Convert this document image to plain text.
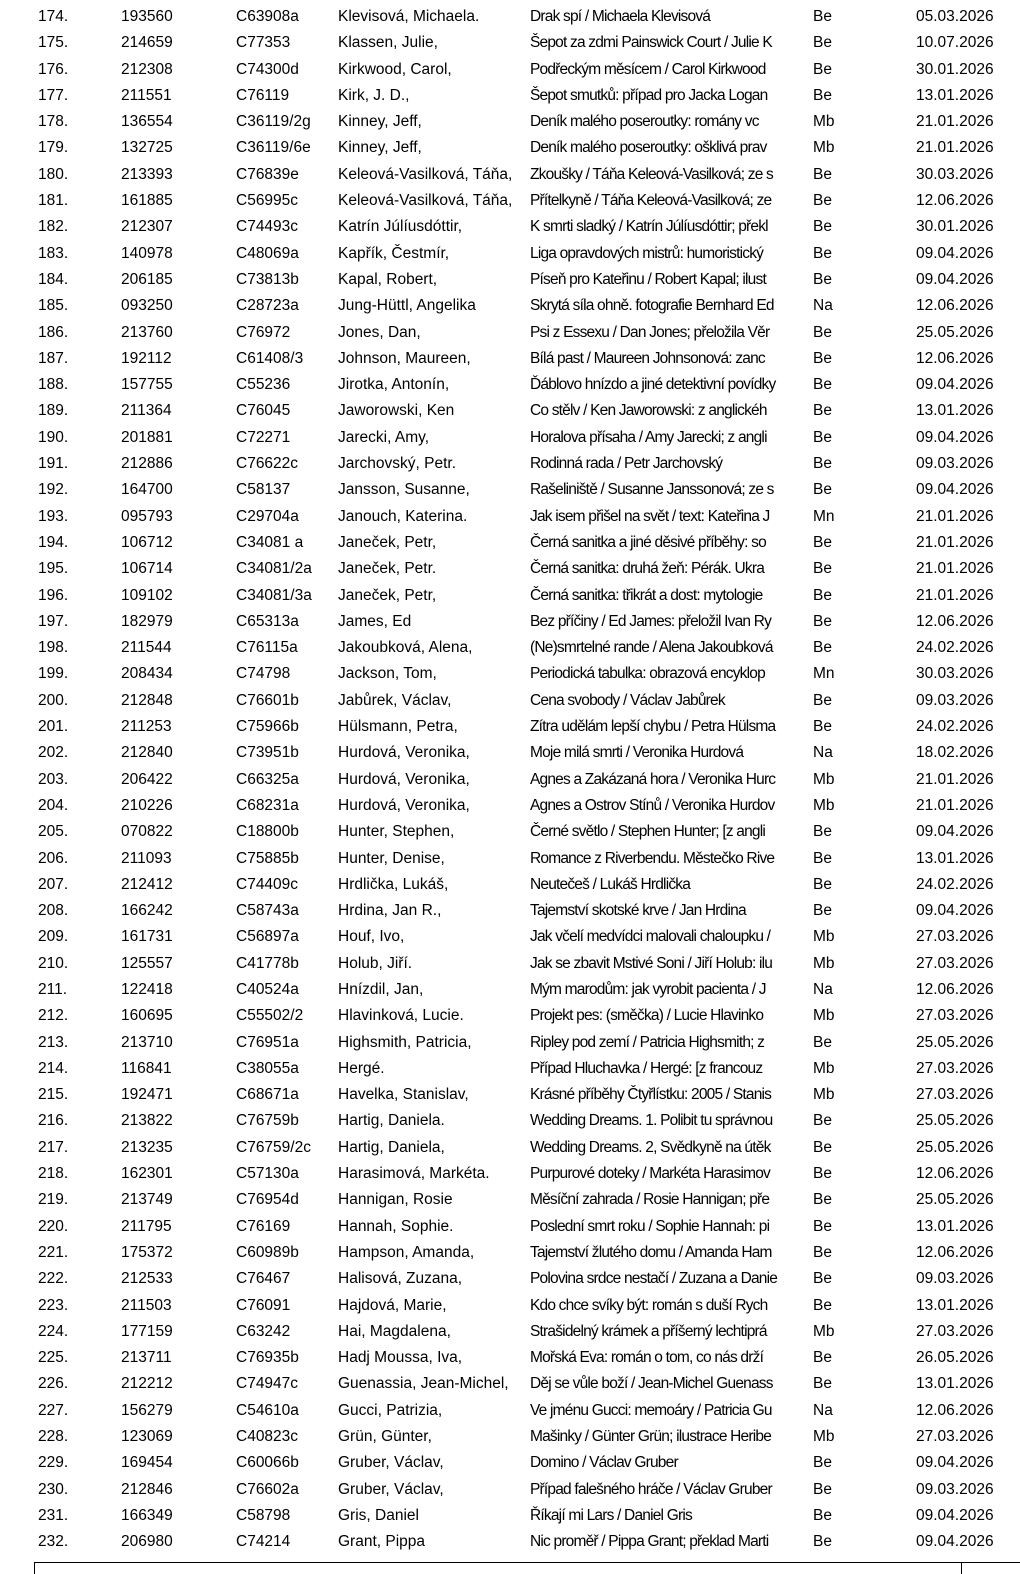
174.	193560	C63908a	Klevisová, Michaela.	Drak spí / Michaela Klevisová	Be	05.03.2026
175.	214659	C77353	Klassen, Julie,	Šepot za zdmi Painswick Court / Julie K	Be	10.07.2026
176.	212308	C74300d	Kirkwood, Carol,	Podřeckým měsícem / Carol Kirkwood	Be	30.01.2026
177.	211551	C76119	Kirk, J. D.,	Šepot smutků: případ pro Jacka Logan	Be	13.01.2026
178.	136554	C36119/2g	Kinney, Jeff,	Deník malého poseroutky: romány vc	Mb	21.01.2026
179.	132725	C36119/6e	Kinney, Jeff,	Deník malého poseroutky: ošklivá prav	Mb	21.01.2026
180.	213393	C76839e	Keleová-Vasilková, Táňa,	Zkoušky / Táňa Keleová-Vasilková; ze s	Be	30.03.2026
181.	161885	C56995c	Keleová-Vasilková, Táňa,	Přítelkyně / Táňa Keleová-Vasilková; ze	Be	12.06.2026
182.	212307	C74493c	Katrín Júlíusdóttir,	K smrti sladký / Katrín Júlíusdóttir; překl	Be	30.01.2026
183.	140978	C48069a	Kapřík, Čestmír,	Liga opravdových mistrů: humoristický	Be	09.04.2026
184.	206185	C73813b	Kapal, Robert,	Píseň pro Kateřinu / Robert Kapal; ilust	Be	09.04.2026
185.	093250	C28723a	Jung-Hüttl, Angelika	Skrytá síla ohně. fotografie Bernhard Ed	Na	12.06.2026
186.	213760	C76972	Jones, Dan,	Psi z Essexu / Dan Jones; přeložila Věr	Be	25.05.2026
187.	192112	C61408/3	Johnson, Maureen,	Bílá past / Maureen Johnsonová: zanc	Be	12.06.2026
188.	157755	C55236	Jirotka, Antonín,	Ďáblovo hnízdo a jiné detektivní povídky	Be	09.04.2026
189.	211364	C76045	Jaworowski, Ken	Co stělv / Ken Jaworowski: z anglickéh	Be	13.01.2026
190.	201881	C72271	Jarecki, Amy,	Horalova přísaha / Amy Jarecki; z angli	Be	09.04.2026
191.	212886	C76622c	Jarchovský, Petr.	Rodinná rada / Petr Jarchovský	Be	09.03.2026
192.	164700	C58137	Jansson, Susanne,	Rašeliniště / Susanne Janssonová; ze s	Be	09.04.2026
193.	095793	C29704a	Janouch, Katerina.	Jak isem přišel na svět / text: Kateřina J	Mn	21.01.2026
194.	106712	C34081 a	Janeček, Petr,	Černá sanitka a jiné děsivé příběhy: so	Be	21.01.2026
195.	106714	C34081/2a	Janeček, Petr.	Černá sanitka: druhá žeň: Pérák. Ukra	Be	21.01.2026
196.	109102	C34081/3a	Janeček, Petr,	Černá sanitka: třikrát a dost: mytologie	Be	21.01.2026
197.	182979	C65313a	James, Ed	Bez příčiny / Ed James: přeložil Ivan Ry	Be	12.06.2026
198.	211544	C76115a	Jakoubková, Alena,	(Ne)smrtelné rande / Alena Jakoubková	Be	24.02.2026
199.	208434	C74798	Jackson, Tom,	Periodická tabulka: obrazová encyklop	Mn	30.03.2026
200.	212848	C76601b	Jabůrek, Václav,	Cena svobody / Václav Jabůrek	Be	09.03.2026
201.	211253	C75966b	Hülsmann, Petra,	Zítra udělám lepší chybu / Petra Hülsma	Be	24.02.2026
202.	212840	C73951b	Hurdová, Veronika,	Moje milá smrti / Veronika Hurdová	Na	18.02.2026
203.	206422	C66325a	Hurdová, Veronika,	Agnes a Zakázaná hora / Veronika Hurc	Mb	21.01.2026
204.	210226	C68231a	Hurdová, Veronika,	Agnes a Ostrov Stínů / Veronika Hurdov	Mb	21.01.2026
205.	070822	C18800b	Hunter, Stephen,	Černé světlo / Stephen Hunter; [z angli	Be	09.04.2026
206.	211093	C75885b	Hunter, Denise,	Romance z Riverbendu. Městečko Rive	Be	13.01.2026
207.	212412	C74409c	Hrdlička, Lukáš,	Neutečeš / Lukáš Hrdlička	Be	24.02.2026
208.	166242	C58743a	Hrdina, Jan R.,	Tajemství skotské krve / Jan Hrdina	Be	09.04.2026
209.	161731	C56897a	Houf, Ivo,	Jak včelí medvídci malovali chaloupku /	Mb	27.03.2026
210.	125557	C41778b	Holub, Jiří.	Jak se zbavit Mstivé Soni / Jiří Holub: ilu	Mb	27.03.2026
211.	122418	C40524a	Hnízdil, Jan,	Mým marodům: jak vyrobit pacienta / J	Na	12.06.2026
212.	160695	C55502/2	Hlavinková, Lucie.	Projekt pes: (směčka) / Lucie Hlavinko	Mb	27.03.2026
213.	213710	C76951a	Highsmith, Patricia,	Ripley pod zemí / Patricia Highsmith; z	Be	25.05.2026
214.	116841	C38055a	Hergé.	Případ Hluchavka / Hergé: [z francouz	Mb	27.03.2026
215.	192471	C68671a	Havelka, Stanislav,	Krásné příběhy Čtyřlístku: 2005 / Stanis	Mb	27.03.2026
216.	213822	C76759b	Hartig, Daniela.	Wedding Dreams. 1. Polibit tu správnou	Be	25.05.2026
217.	213235	C76759/2c	Hartig, Daniela,	Wedding Dreams. 2, Svědkyně na útěk	Be	25.05.2026
218.	162301	C57130a	Harasimová, Markéta.	Purpurové doteky / Markéta Harasimov	Be	12.06.2026
219.	213749	C76954d	Hannigan, Rosie	Měsíční zahrada / Rosie Hannigan; pře	Be	25.05.2026
220.	211795	C76169	Hannah, Sophie.	Poslední smrt roku / Sophie Hannah: pi	Be	13.01.2026
221.	175372	C60989b	Hampson, Amanda,	Tajemství žlutého domu / Amanda Ham	Be	12.06.2026
222.	212533	C76467	Halisová, Zuzana,	Polovina srdce nestačí / Zuzana a Danie	Be	09.03.2026
223.	211503	C76091	Hajdová, Marie,	Kdo chce svíky být: román s duší Rych	Be	13.01.2026
224.	177159	C63242	Hai, Magdalena,	Strašidelný krámek a příšerný lechtiprá	Mb	27.03.2026
225.	213711	C76935b	Hadj Moussa, Iva,	Mořská Eva: román o tom, co nás drží	Be	26.05.2026
226.	212212	C74947c	Guenassia, Jean-Michel,	Děj se vůle boží / Jean-Michel Guenass	Be	13.01.2026
227.	156279	C54610a	Gucci, Patrizia,	Ve jménu Gucci: memoáry / Patricia Gu	Na	12.06.2026
228.	123069	C40823c	Grün, Günter,	Mašinky / Günter Grün; ilustrace Heribe	Mb	27.03.2026
229.	169454	C60066b	Gruber, Václav,	Domino / Václav Gruber	Be	09.04.2026
230.	212846	C76602a	Gruber, Václav,	Případ falešného hráče / Václav Gruber	Be	09.03.2026
231.	166349	C58798	Gris, Daniel	Říkají mi Lars / Daniel Gris	Be	09.04.2026
232.	206980	C74214	Grant, Pippa	Nic proměř / Pippa Grant; překlad Marti	Be	09.04.2026
